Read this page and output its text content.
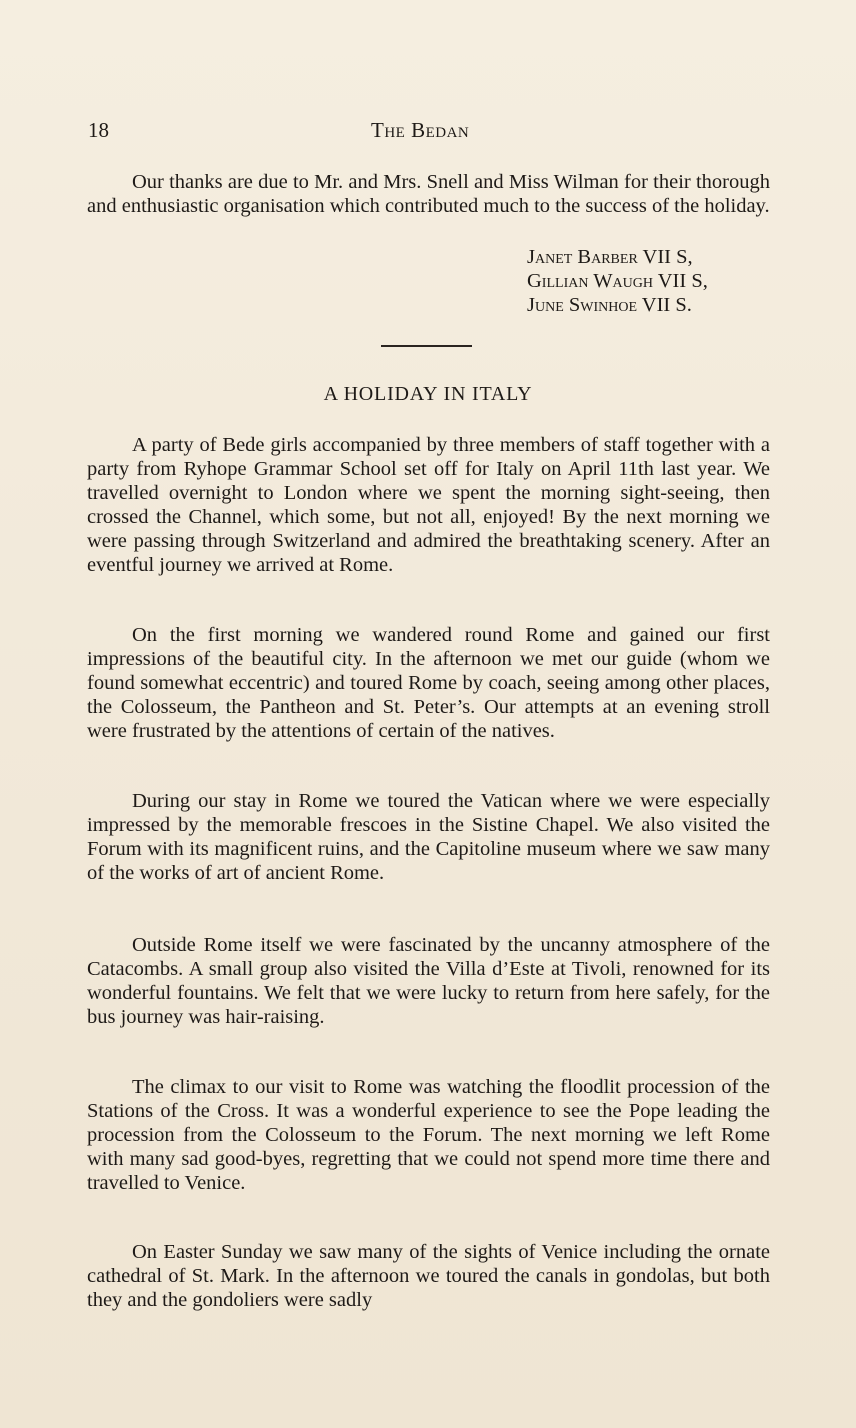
18	The Bedan

Our thanks are due to Mr. and Mrs. Snell and Miss Wilman for their thorough and enthusiastic organisation which contributed much to the success of the holiday.

Janet Barber VII S,
Gillian Waugh VII S,
June Swinhoe VII S.
A HOLIDAY IN ITALY

A party of Bede girls accompanied by three members of staff together with a party from Ryhope Grammar School set off for Italy on April 11th last year. We travelled overnight to London where we spent the morning sight-seeing, then crossed the Channel, which some, but not all, enjoyed! By the next morning we were passing through Switzerland and admired the breathtaking scenery. After an eventful journey we arrived at Rome.

On the first morning we wandered round Rome and gained our first impressions of the beautiful city. In the afternoon we met our guide (whom we found somewhat eccentric) and toured Rome by coach, seeing among other places, the Colosseum, the Pantheon and St. Peter’s. Our attempts at an evening stroll were frustrated by the attentions of certain of the natives.

During our stay in Rome we toured the Vatican where we were especially impressed by the memorable frescoes in the Sistine Chapel. We also visited the Forum with its magnificent ruins, and the Capitoline museum where we saw many of the works of art of ancient Rome.

Outside Rome itself we were fascinated by the uncanny atmosphere of the Catacombs. A small group also visited the Villa d’Este at Tivoli, renowned for its wonderful fountains. We felt that we were lucky to return from here safely, for the bus journey was hair-raising.

The climax to our visit to Rome was watching the floodlit procession of the Stations of the Cross. It was a wonderful experience to see the Pope leading the procession from the Colosseum to the Forum. The next morning we left Rome with many sad good-byes, regretting that we could not spend more time there and travelled to Venice.

On Easter Sunday we saw many of the sights of Venice including the ornate cathedral of St. Mark. In the afternoon we toured the canals in gondolas, but both they and the gondoliers were sadly
